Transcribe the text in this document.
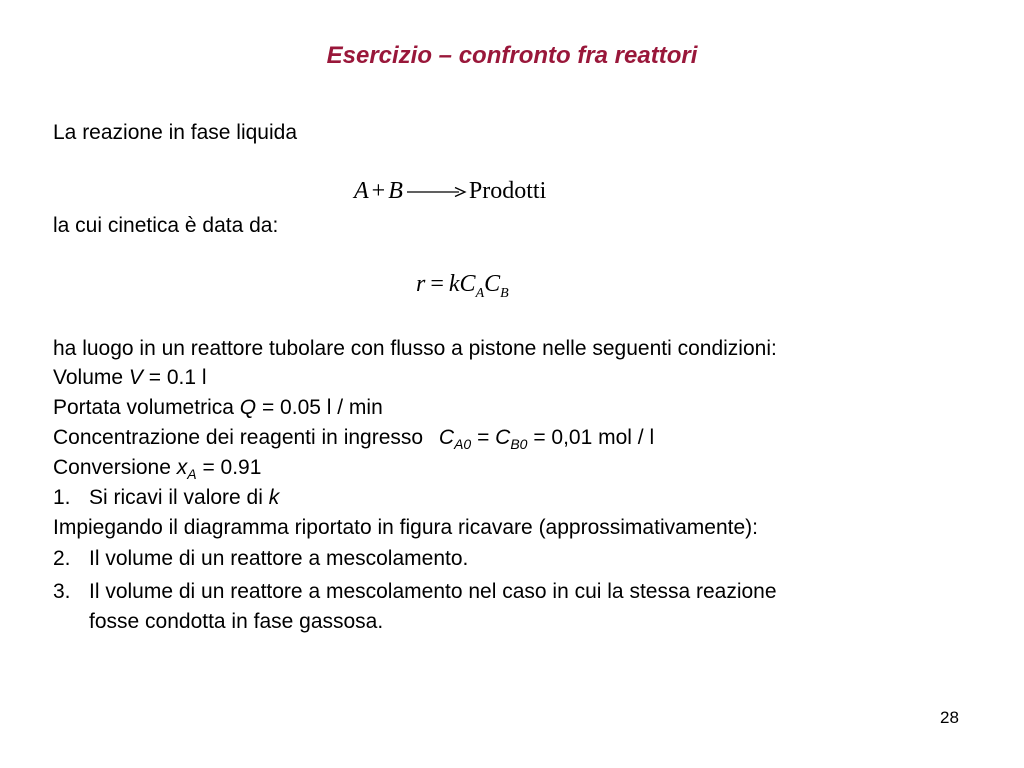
Esercizio – confronto fra reattori
La reazione in fase liquida
A + B → Prodotti
la cui cinetica è data da:
$r = kC_AC_B$
ha luogo in un reattore tubolare con flusso a pistone nelle seguenti condizioni:
Volume V = 0.1 l
Portata volumetrica Q = 0.05 l / min
Concentrazione dei reagenti in ingresso $C_{A0} = C_{B0} = 0,01$ mol / l
Conversione $x_A = 0.91$
1. Si ricavi il valore di k
Impiegando il diagramma riportato in figura ricavare (approssimativamente):
2. Il volume di un reattore a mescolamento.
3. Il volume di un reattore a mescolamento nel caso in cui la stessa reazione
fosse condotta in fase gassosa.
28
